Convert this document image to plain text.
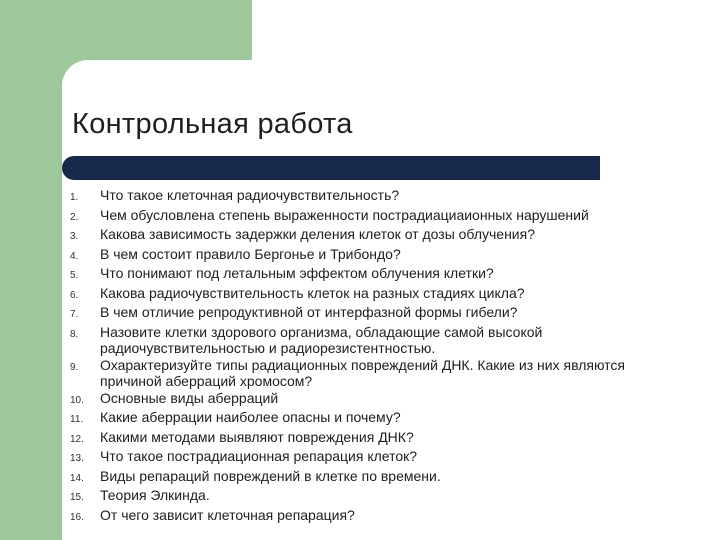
Контрольная работа
1.	Что такое клеточная радиочувствительность?
2.	Чем обусловлена степень выраженности пострадиациаионных нарушений
3.	Какова зависимость задержки деления клеток от дозы облучения?
4.	В чем состоит правило Бергонье и Трибондо?
5.	Что понимают под летальным эффектом облучения клетки?
6.	Какова радиочувствительность клеток на разных стадиях цикла?
7.	В чем отличие репродуктивной от интерфазной формы гибели?
8.	Назовите клетки здорового организма, обладающие самой высокой радиочувствительностью и радиорезистентностью.
9.	Охарактеризуйте типы радиационных повреждений ДНК. Какие из них являются причиной аберраций хромосом?
10.	Основные виды аберраций
11.	Какие аберрации наиболее опасны и почему?
12.	Какими методами выявляют повреждения ДНК?
13.	Что такое пострадиационная репарация клеток?
14.	Виды репараций повреждений в клетке по времени.
15.	Теория Элкинда.
16.	От чего зависит клеточная репарация?
